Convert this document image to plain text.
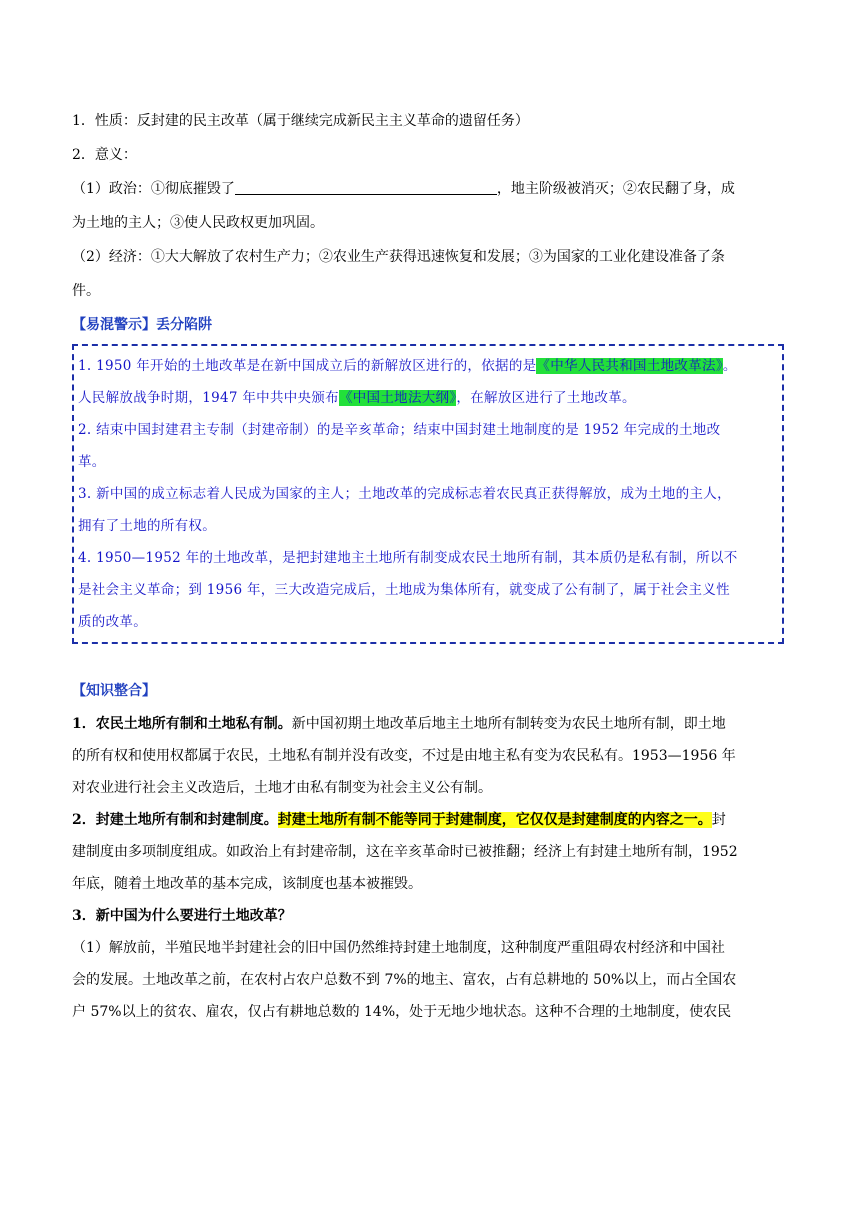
1．性质：反封建的民主改革（属于继续完成新民主主义革命的遗留任务）

2．意义：

（1）政治：①彻底摧毁了	，地主阶级被消灭；②农民翻了身，成

为土地的主人；③使人民政权更加巩固。

（2）经济：①大大解放了农村生产力；②农业生产获得迅速恢复和发展；③为国家的工业化建设准备了条

件。

【易混警示】丢分陷阱

1. 1950 年开始的土地改革是在新中国成立后的新解放区进行的，依据的是《中华人民共和国土地改革法》。

人民解放战争时期，1947 年中共中央颁布《中国土地法大纲》，在解放区进行了土地改革。

2. 结束中国封建君主专制（封建帝制）的是辛亥革命；结束中国封建土地制度的是 1952 年完成的土地改

革。

3. 新中国的成立标志着人民成为国家的主人；土地改革的完成标志着农民真正获得解放，成为土地的主人，

拥有了土地的所有权。

4. 1950—1952 年的土地改革，是把封建地主土地所有制变成农民土地所有制，其本质仍是私有制，所以不

是社会主义革命；到 1956 年，三大改造完成后，土地成为集体所有，就变成了公有制了，属于社会主义性

质的改革。

【知识整合】

1．农民土地所有制和土地私有制。新中国初期土地改革后地主土地所有制转变为农民土地所有制，即土地

的所有权和使用权都属于农民，土地私有制并没有改变，不过是由地主私有变为农民私有。1953—1956 年

对农业进行社会主义改造后，土地才由私有制变为社会主义公有制。

2．封建土地所有制和封建制度。封建土地所有制不能等同于封建制度，它仅仅是封建制度的内容之一。封

建制度由多项制度组成。如政治上有封建帝制，这在辛亥革命时已被推翻；经济上有封建土地所有制，1952

年底，随着土地改革的基本完成，该制度也基本被摧毁。

3．新中国为什么要进行土地改革？

（1）解放前，半殖民地半封建社会的旧中国仍然维持封建土地制度，这种制度严重阻碍农村经济和中国社

会的发展。土地改革之前，在农村占农户总数不到 7%的地主、富农，占有总耕地的 50%以上，而占全国农

户 57%以上的贫农、雇农，仅占有耕地总数的 14%，处于无地少地状态。这种不合理的土地制度，使农民
